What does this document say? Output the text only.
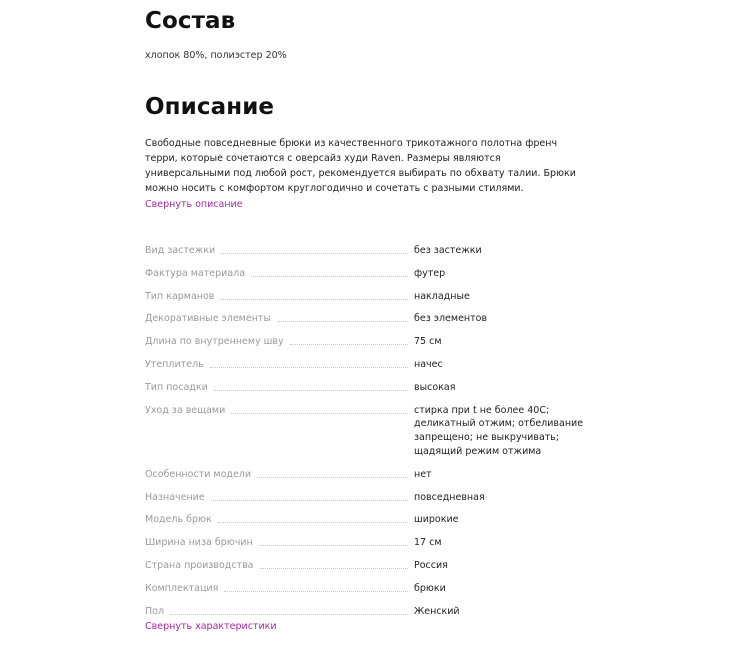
Состав
хлопок 80%, полиэстер 20%
Описание
Свободные повседневные брюки из качественного трикотажного полотна френч терри, которые сочетаются с оверсайз худи Raven. Размеры являются универсальными под любой рост, рекомендуется выбирать по обхвату талии. Брюки можно носить с комфортом круглогодично и сочетать с разными стилями.
Свернуть описание
Вид застежки	без застежки
Фактура материала	футер
Тип карманов	накладные
Декоративные элементы	без элементов
Длина по внутреннему шву	75 см
Утеплитель	начес
Тип посадки	высокая
Уход за вещами	стирка при t не более 40С;
деликатный отжим; отбеливание
запрещено; не выкручивать;
щадящий режим отжима
Особенности модели	нет
Назначение	повседневная
Модель брюк	широкие
Ширина низа брючин	17 см
Страна производства	Россия
Комплектация	брюки
Пол	Женский
Свернуть характеристики
